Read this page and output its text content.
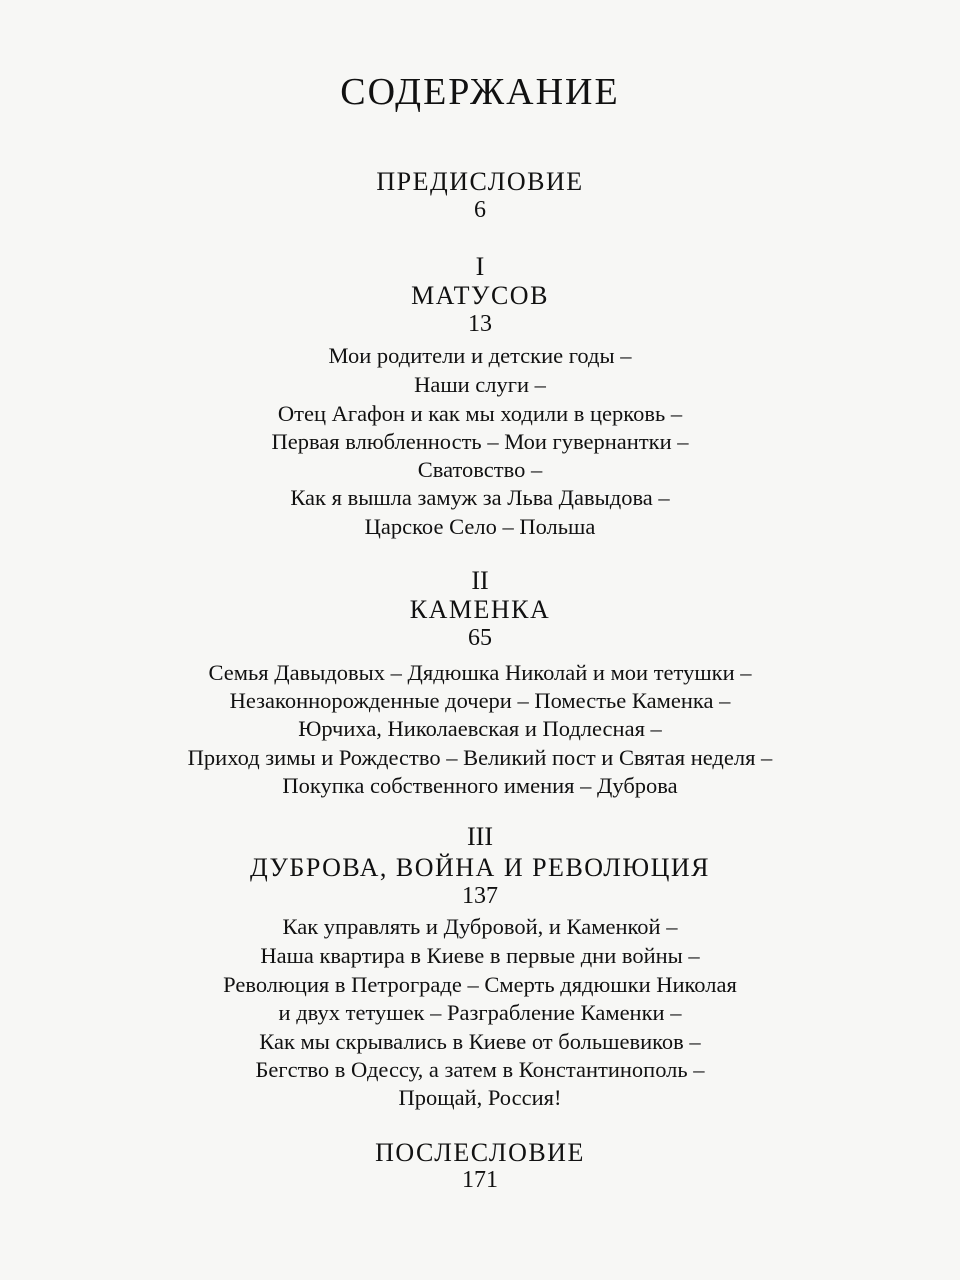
СОДЕРЖАНИЕ
ПРЕДИСЛОВИЕ
6
I
МАТУСОВ
13
Мои родители и детские годы –
Наши слуги –
Отец Агафон и как мы ходили в церковь –
Первая влюбленность – Мои гувернантки –
Сватовство –
Как я вышла замуж за Льва Давыдова –
Царское Село – Польша
II
КАМЕНКА
65
Семья Давыдовых – Дядюшка Николай и мои тетушки –
Незаконнорожденные дочери – Поместье Каменка –
Юрчиха, Николаевская и Подлесная –
Приход зимы и Рождество – Великий пост и Святая неделя –
Покупка собственного имения – Дуброва
III
ДУБРОВА, ВОЙНА И РЕВОЛЮЦИЯ
137
Как управлять и Дубровой, и Каменкой –
Наша квартира в Киеве в первые дни войны –
Революция в Петрограде – Смерть дядюшки Николая
и двух тетушек – Разграбление Каменки –
Как мы скрывались в Киеве от большевиков –
Бегство в Одессу, а затем в Константинополь –
Прощай, Россия!
ПОСЛЕСЛОВИЕ
171
